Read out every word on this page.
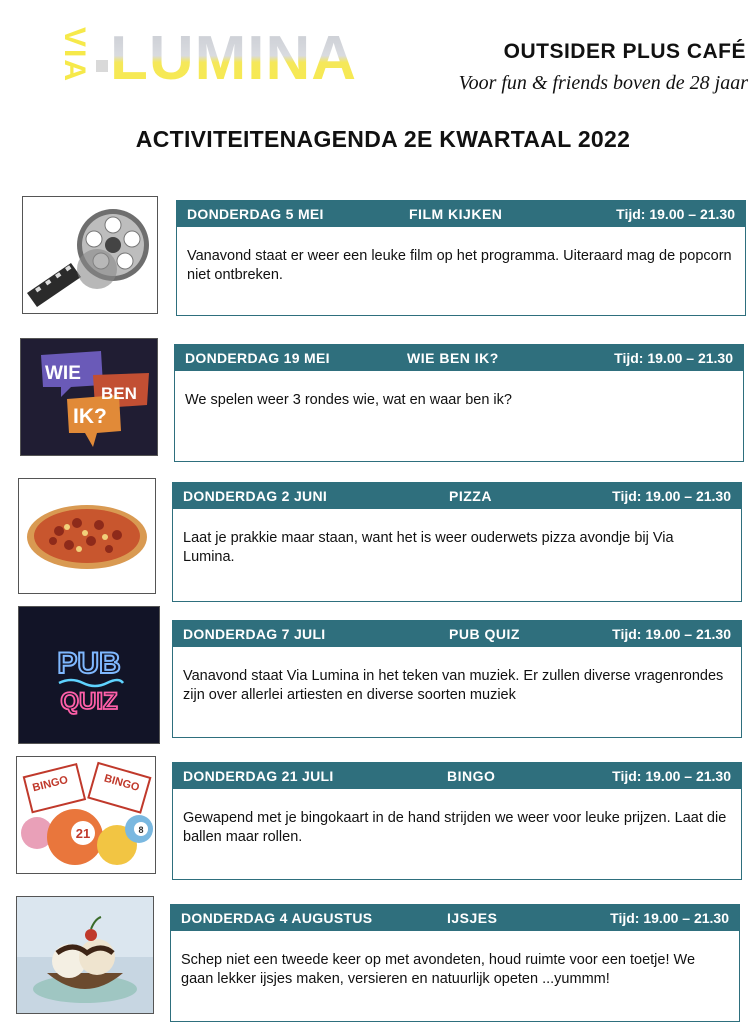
VIA LUMINA	OUTSIDER PLUS CAFÉ
Voor fun & friends boven de 28 jaar
ACTIVITEITENAGENDA 2E KWARTAAL 2022
DONDERDAG 5 MEI	FILM KIJKEN	Tijd: 19.00 – 21.30
Vanavond staat er weer een leuke film op het programma. Uiteraard mag de popcorn niet ontbreken.
WIE
BEN
IK?
DONDERDAG 19 MEI	WIE BEN IK?	Tijd: 19.00 – 21.30
We spelen weer 3 rondes wie, wat en waar ben ik?
DONDERDAG 2 JUNI	PIZZA	Tijd: 19.00 – 21.30
Laat je prakkie maar staan, want het is weer ouderwets pizza avondje bij Via Lumina.
PUB
QUIZ
DONDERDAG 7 JULI	PUB QUIZ	Tijd: 19.00 – 21.30
Vanavond staat Via Lumina in het teken van muziek. Er zullen diverse vragenrondes zijn over allerlei artiesten en diverse soorten muziek
BINGO	BINGO
21	8
DONDERDAG 21 JULI	BINGO	Tijd: 19.00 – 21.30
Gewapend met je bingokaart in de hand strijden we weer voor leuke prijzen. Laat die ballen maar rollen.
DONDERDAG 4 AUGUSTUS	IJSJES	Tijd: 19.00 – 21.30
Schep niet een tweede keer op met avondeten, houd ruimte voor een toetje! We gaan lekker ijsjes maken, versieren en natuurlijk opeten ...yummm!
